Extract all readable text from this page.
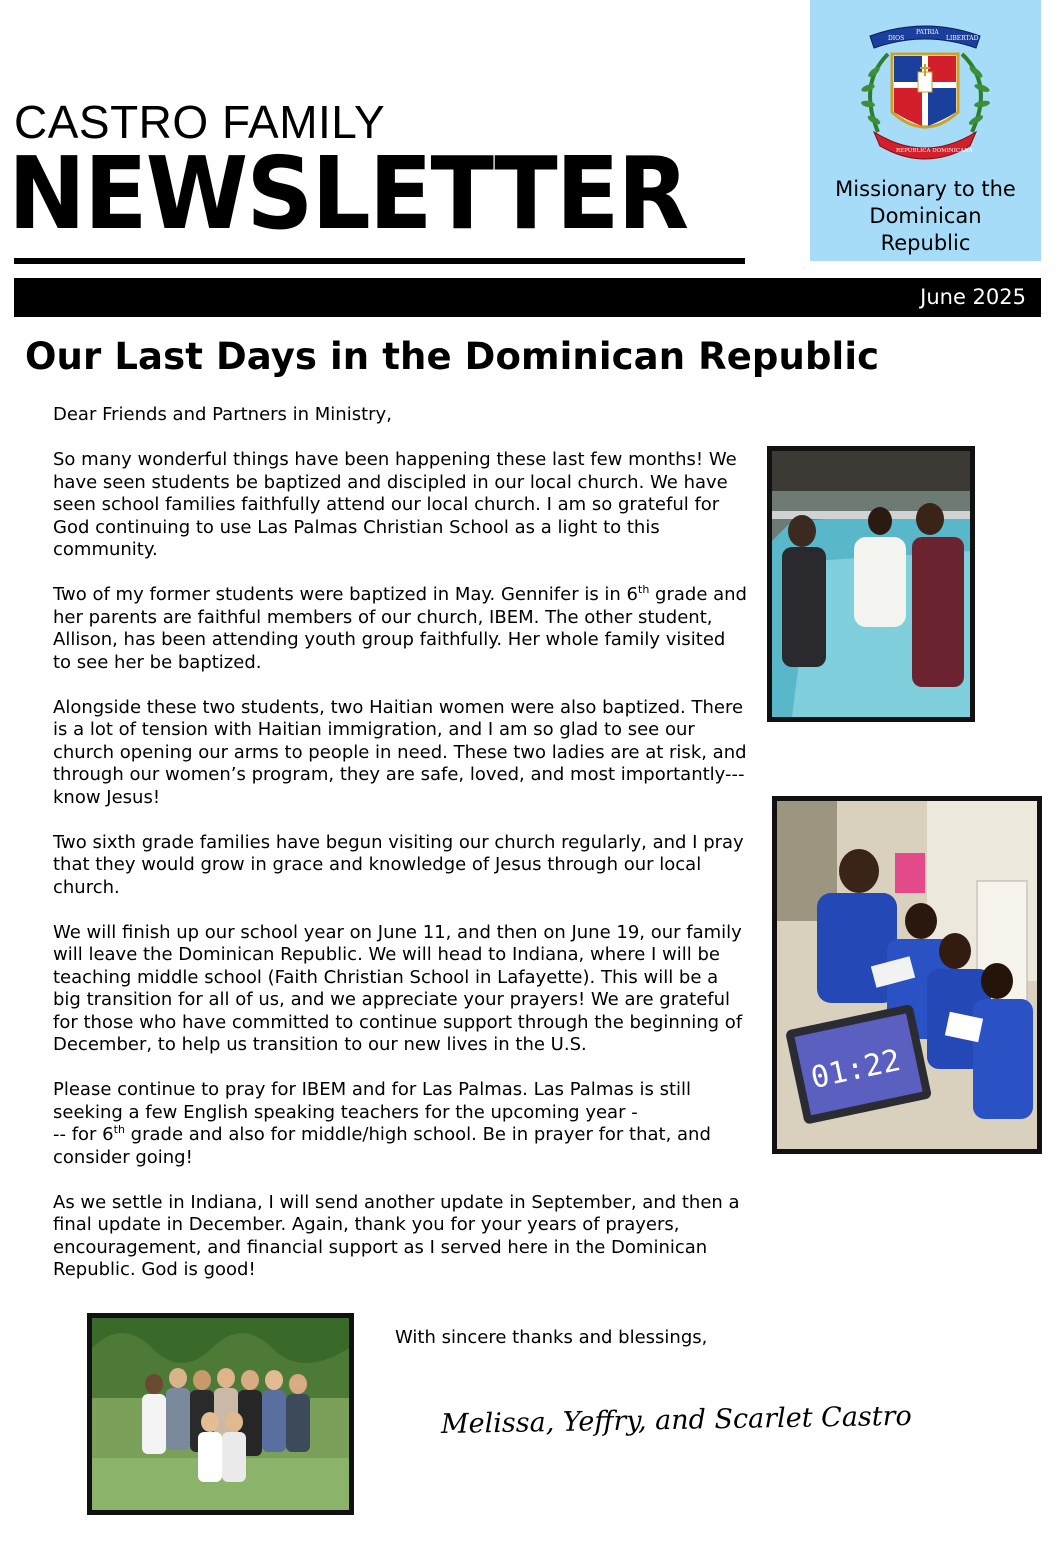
CASTRO FAMILY
NEWSLETTER
DIOS
PATRIA
LIBERTAD
REPÚBLICA DOMINICANA
Missionary to the
Dominican
Republic
June 2025
Our Last Days in the Dominican Republic

Dear Friends and Partners in Ministry,

So many wonderful things have been happening these last few months! We have seen students be baptized and discipled in our local church. We have seen school families faithfully attend our local church. I am so grateful for God continuing to use Las Palmas Christian School as a light to this community.

Two of my former students were baptized in May. Gennifer is in 6th grade and her parents are faithful members of our church, IBEM. The other student, Allison, has been attending youth group faithfully. Her whole family visited to see her be baptized.

Alongside these two students, two Haitian women were also baptized. There is a lot of tension with Haitian immigration, and I am so glad to see our church opening our arms to people in need. These two ladies are at risk, and through our women’s program, they are safe, loved, and most importantly--- know Jesus!

Two sixth grade families have begun visiting our church regularly, and I pray that they would grow in grace and knowledge of Jesus through our local church.

We will finish up our school year on June 11, and then on June 19, our family will leave the Dominican Republic. We will head to Indiana, where I will be teaching middle school (Faith Christian School in Lafayette). This will be a big transition for all of us, and we appreciate your prayers! We are grateful for those who have committed to continue support through the beginning of December, to help us transition to our new lives in the U.S.

Please continue to pray for IBEM and for Las Palmas. Las Palmas is still seeking a few English speaking teachers for the upcoming year -
-- for 6th grade and also for middle/high school. Be in prayer for that, and consider going!

As we settle in Indiana, I will send another update in September, and then a final update in December. Again, thank you for your years of prayers, encouragement, and financial support as I served here in the Dominican Republic. God is good!

01:22
With sincere thanks and blessings,
Melissa, Yeffry, and Scarlet Castro
